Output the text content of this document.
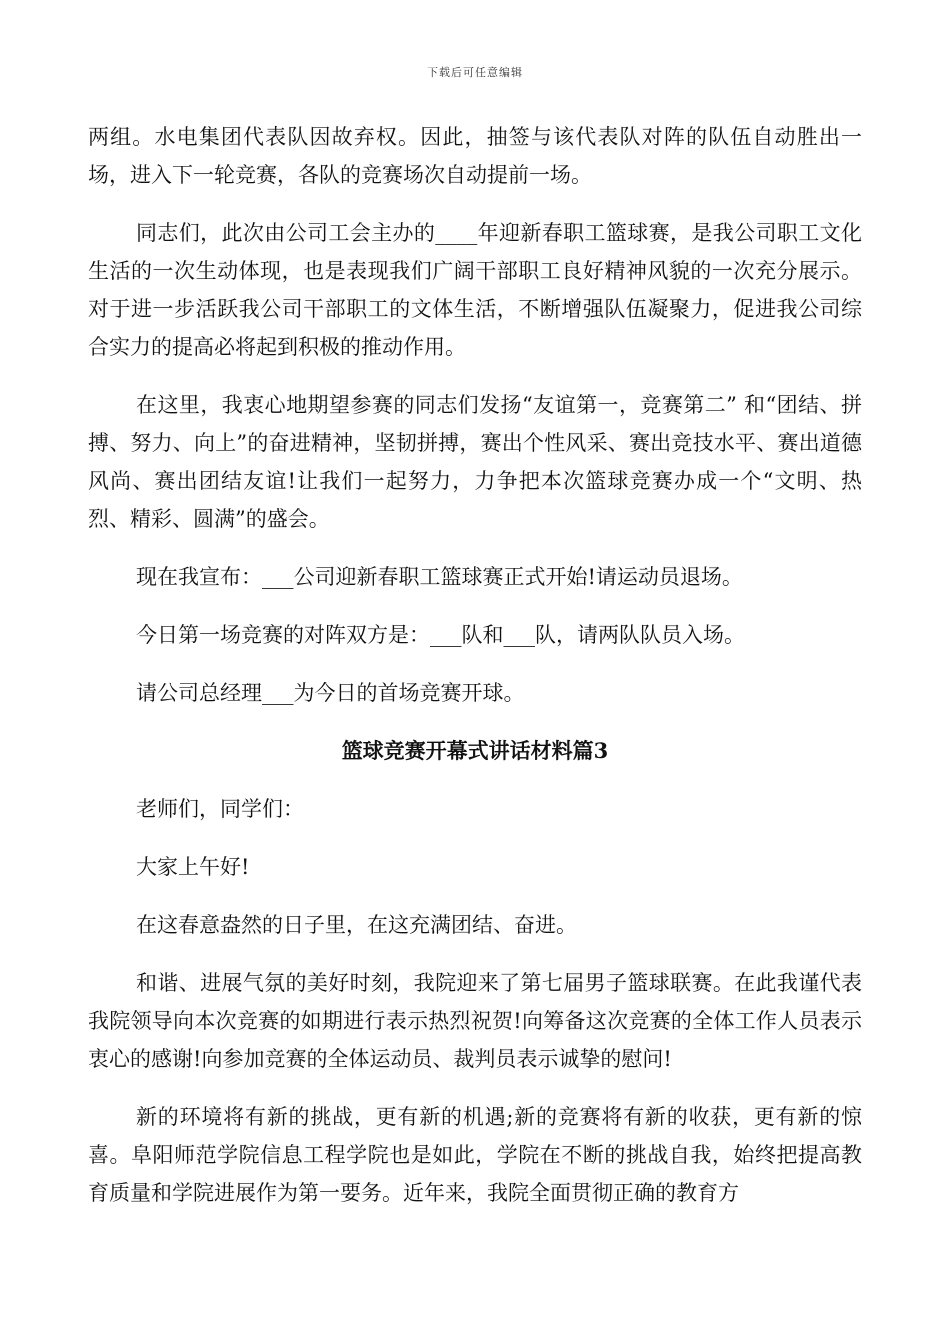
下载后可任意编辑

两组。水电集团代表队因故弃权。因此，抽签与该代表队对阵的队伍自动胜出一场，进入下一轮竞赛，各队的竞赛场次自动提前一场。

同志们，此次由公司工会主办的____年迎新春职工篮球赛，是我公司职工文化生活的一次生动体现，也是表现我们广阔干部职工良好精神风貌的一次充分展示。对于进一步活跃我公司干部职工的文体生活，不断增强队伍凝聚力，促进我公司综合实力的提高必将起到积极的推动作用。

在这里，我衷心地期望参赛的同志们发扬“友谊第一，竞赛第二” 和“团结、拼搏、努力、向上”的奋进精神，坚韧拼搏，赛出个性风采、赛出竞技水平、赛出道德风尚、赛出团结友谊!让我们一起努力，力争把本次篮球竞赛办成一个“文明、热烈、精彩、圆满”的盛会。

现在我宣布：___公司迎新春职工篮球赛正式开始!请运动员退场。

今日第一场竞赛的对阵双方是：___队和___队，请两队队员入场。

请公司总经理___为今日的首场竞赛开球。

篮球竞赛开幕式讲话材料篇3

老师们，同学们：

大家上午好!

在这春意盎然的日子里，在这充满团结、奋进。

和谐、进展气氛的美好时刻，我院迎来了第七届男子篮球联赛。在此我谨代表我院领导向本次竞赛的如期进行表示热烈祝贺!向筹备这次竞赛的全体工作人员表示衷心的感谢!向参加竞赛的全体运动员、裁判员表示诚挚的慰问!

新的环境将有新的挑战，更有新的机遇;新的竞赛将有新的收获，更有新的惊喜。阜阳师范学院信息工程学院也是如此，学院在不断的挑战自我，始终把提高教育质量和学院进展作为第一要务。近年来，我院全面贯彻正确的教育方
